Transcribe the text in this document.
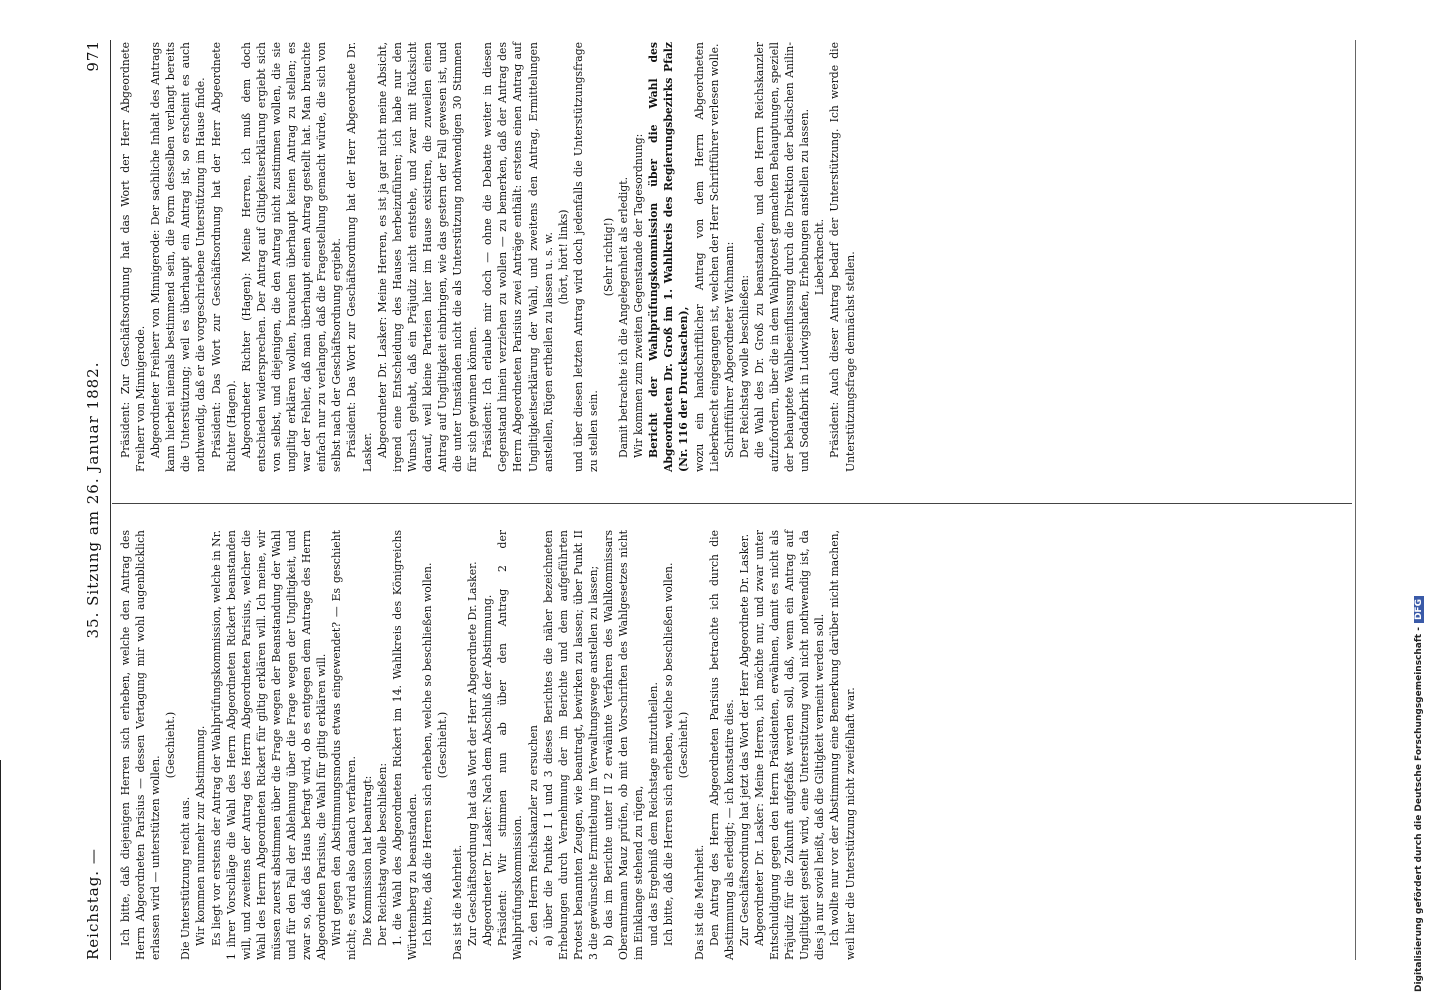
Reichstag. —
35. Sitzung am 26. Januar 1882.
971

Ich bitte, daß diejenigen Herren sich erheben, welche den Antrag des Herrn Abgeordneten Parisius — dessen Vertagung mir wohl augenblicklich erlassen wird — unterstützen wollen.

(Geschieht.)

Die Unterstützung reicht aus. Wir kommen nunmehr zur Abstimmung. Es liegt vor erstens der Antrag der Wahlprüfungskommission, welche in Nr. 1 ihrer Vorschläge die Wahl des Herrn Abgeordneten Rickert beanstanden will, und zweitens der Antrag des Herrn Abgeordneten Parisius, welcher die Wahl des Herrn Abgeordneten Rickert für giltig erklären will. Ich meine, wir müssen zuerst abstimmen über die Frage wegen der Beanstandung der Wahl und für den Fall der Ablehnung über die Frage wegen der Ungiltigkeit, und zwar so, daß das Haus befragt wird, ob es entgegen dem Antrage des Herrn Abgeordneten Parisius, die Wahl für giltig erklären will. Wird gegen den Abstimmungsmodus etwas eingewendet? — Es geschieht nicht; es wird also danach verfahren. Die Kommission hat beantragt: Der Reichstag wolle beschließen: 1. die Wahl des Abgeordneten Rickert im 14. Wahlkreis des Königreichs Württemberg zu beanstanden. Ich bitte, daß die Herren sich erheben, welche so beschließen wollen. (Geschieht.)

Das ist die Mehrheit. Zur Geschäftsordnung hat das Wort der Herr Abgeordnete Dr. Lasker. Abgeordneter Dr. Lasker: Nach dem Abschluß der Abstimmung. Präsident: Wir stimmen nun ab über den Antrag 2 der Wahlprüfungskommission. 2. den Herrn Reichskanzler zu ersuchen a) über die Punkte I 1 und 3 dieses Berichtes die näher bezeichneten Erhebungen durch Vernehmung der im Berichte und dem aufgeführten Protest benannten Zeugen, wie beantragt, bewirken zu lassen; über Punkt II 3 die gewünschte Ermittelung im Verwaltungswege anstellen zu lassen; b) das im Berichte unter II 2 erwähnte Verfahren des Wahlkommissars Oberamtmann Mauz prüfen, ob mit den Vorschriften des Wahlgesetzes nicht im Einklange stehend zu rügen, und das Ergebniß dem Reichstage mitzutheilen. Ich bitte, daß die Herren sich erheben, welche so beschließen wollen. (Geschieht.)

Das ist die Mehrheit. Den Antrag des Herrn Abgeordneten Parisius betrachte ich durch die Abstimmung als erledigt; — ich konstatire dies. Zur Geschäftsordnung hat jetzt das Wort der Herr Abgeordnete Dr. Lasker. Abgeordneter Dr. Lasker: Meine Herren, ich möchte nur, und zwar unter Entschuldigung gegen den Herrn Präsidenten, erwähnen, damit es nicht als Präjudiz für die Zukunft aufgefaßt werden soll, daß, wenn ein Antrag auf Ungiltigkeit gestellt wird, eine Unterstützung wohl nicht nothwendig ist, da dies ja nur soviel heißt, daß die Giltigkeit verneint werden soll. Ich wollte nur vor der Abstimmung eine Bemerkung darüber nicht machen, weil hier die Unterstützung nicht zweifelhaft war.

Präsident: Zur Geschäftsordnung hat das Wort der Herr Abgeordnete Freiherr von Minnigerode. Abgeordneter Freiherr von Minnigerode: Der sachliche Inhalt des Antrags kann hierbei niemals bestimmend sein, die Form desselben verlangt bereits die Unterstützung; weil es überhaupt ein Antrag ist, so erscheint es auch nothwendig, daß er die vorgeschriebene Unterstützung im Hause finde. Präsident: Das Wort zur Geschäftsordnung hat der Herr Abgeordnete Richter (Hagen). Abgeordneter Richter (Hagen): Meine Herren, ich muß dem doch entschieden widersprechen. Der Antrag auf Giltigkeitserklärung ergiebt sich von selbst, und diejenigen, die den Antrag nicht zustimmen wollen, die sie ungiltig erklären wollen, brauchen überhaupt keinen Antrag zu stellen; es war der Fehler, daß man überhaupt einen Antrag gestellt hat. Man brauchte einfach nur zu verlangen, daß die Fragestellung gemacht würde, die sich von selbst nach der Geschäftsordnung ergiebt. Präsident: Das Wort zur Geschäftsordnung hat der Herr Abgeordnete Dr. Lasker. Abgeordneter Dr. Lasker: Meine Herren, es ist ja gar nicht meine Absicht, irgend eine Entscheidung des Hauses herbeizuführen; ich habe nur den Wunsch gehabt, daß ein Präjudiz nicht entstehe, und zwar mit Rücksicht darauf, weil kleine Parteien hier im Hause existiren, die zuweilen einen Antrag auf Ungiltigkeit einbringen, wie das gestern der Fall gewesen ist, und die unter Umständen nicht die als Unterstützung nothwendigen 30 Stimmen für sich gewinnen können. Präsident: Ich erlaube mir doch — ohne die Debatte weiter in diesen Gegenstand hinein verziehen zu wollen — zu bemerken, daß der Antrag des Herrn Abgeordneten Parisius zwei Anträge enthält: erstens einen Antrag auf Ungiltigkeitserklärung der Wahl, und zweitens den Antrag, Ermittelungen anstellen, Rügen ertheilen zu lassen u. s. w. (hört, hört! links) und über diesen letzten Antrag wird doch jedenfalls die Unterstützungsfrage zu stellen sein.

(Sehr richtig!) Damit betrachte ich die Angelegenheit als erledigt. Wir kommen zum zweiten Gegenstande der Tagesordnung: Bericht der Wahlprüfungskommission über die Wahl des Abgeordneten Dr. Groß im 1. Wahlkreis des Regierungsbezirks Pfalz (Nr. 116 der Drucksachen), wozu ein handschriftlicher Antrag von dem Herrn Abgeordneten Lieberknecht eingegangen ist, welchen der Herr Schriftführer verlesen wolle. Schriftführer Abgeordneter Wichmann: Der Reichstag wolle beschließen: die Wahl des Dr. Groß zu beanstanden, und den Herrn Reichskanzler aufzufordern, über die in dem Wahlprotest gemachten Behauptungen, speziell der behauptete Wahlbeeinflussung durch die Direktion der badischen Anilin- und Sodafabrik in Ludwigshafen, Erhebungen anstellen zu lassen. Lieberknecht. Präsident: Auch dieser Antrag bedarf der Unterstützung. Ich werde die Unterstützungsfrage demnächst stellen.

Digitalisierung gefördert durch die Deutsche Forschungsgemeinschaft -DFG
